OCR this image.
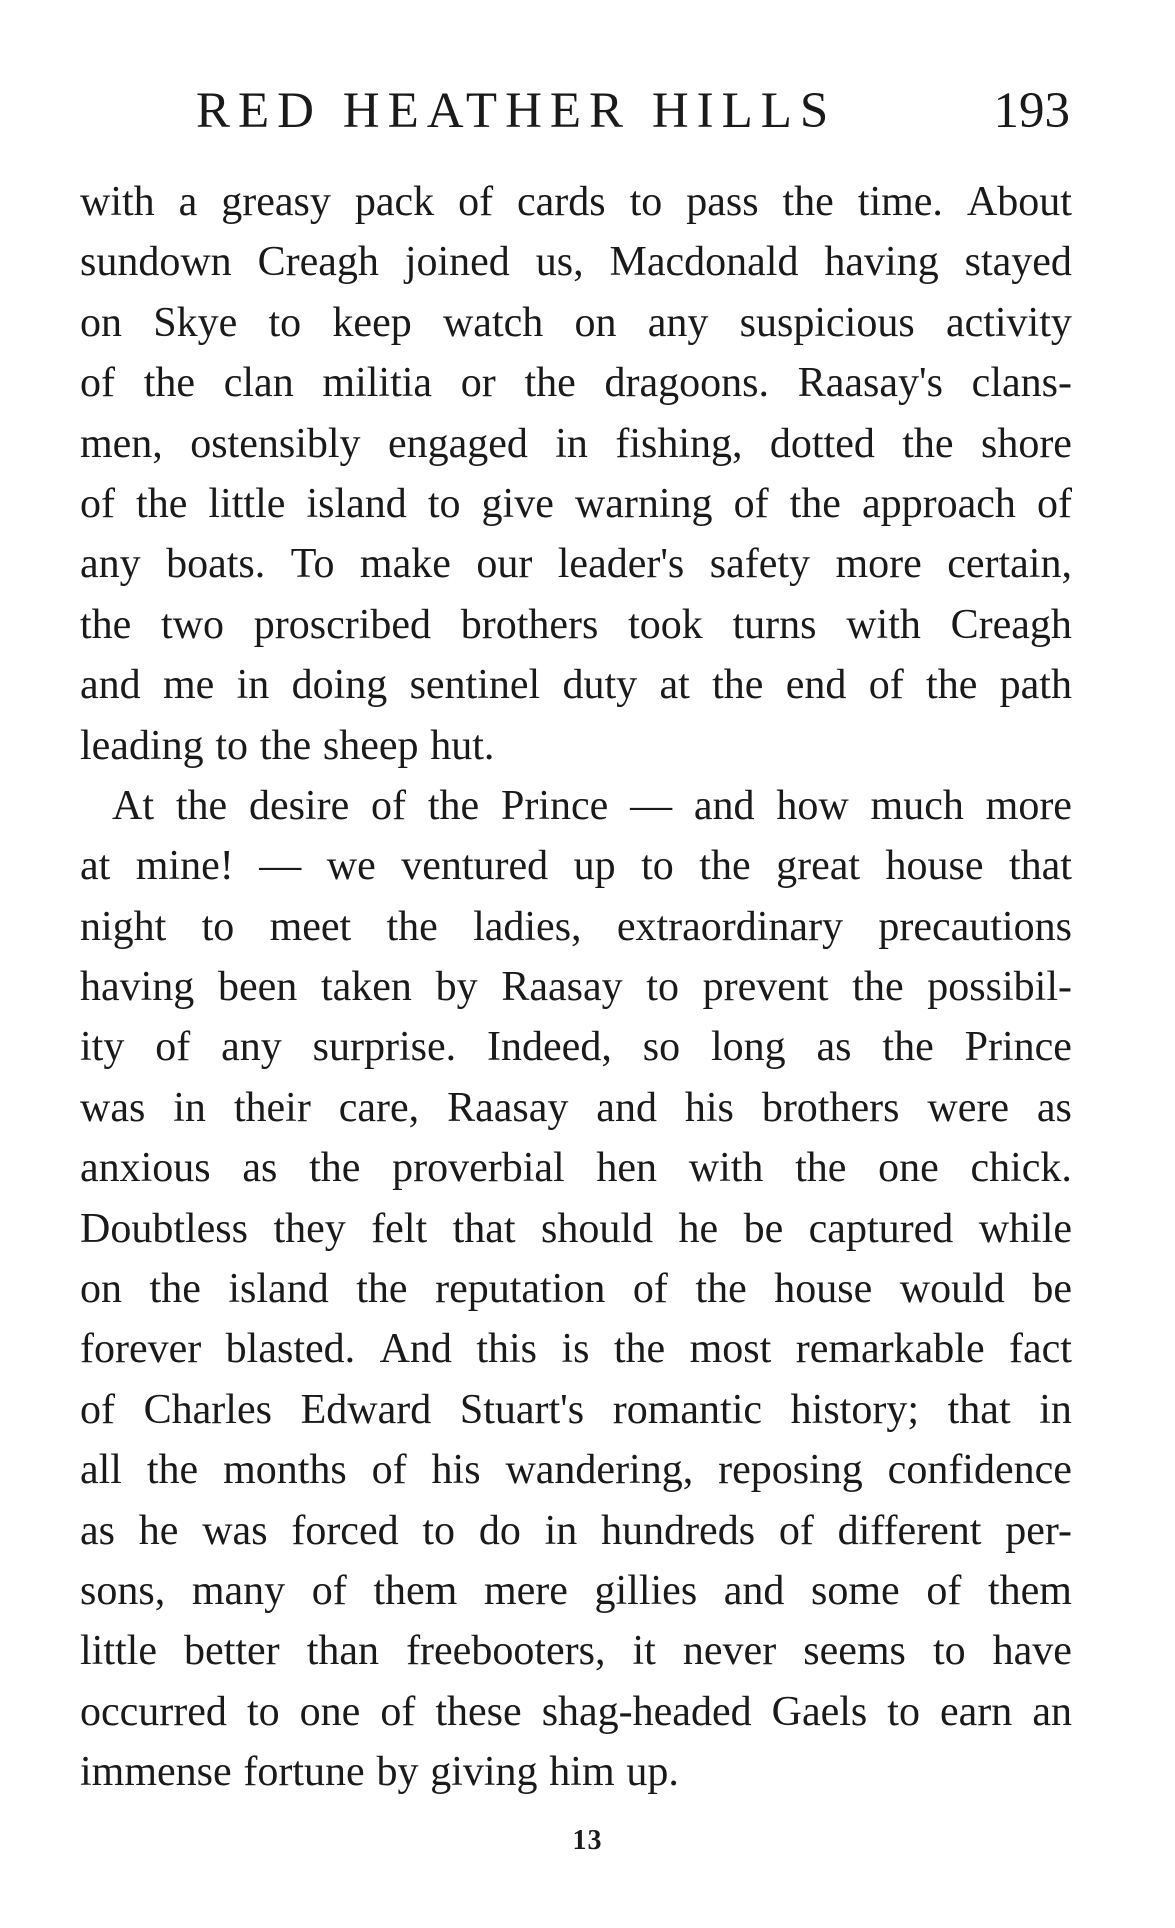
RED HEATHER HILLS	193
with a greasy pack of cards to pass the time. About
sundown Creagh joined us, Macdonald having stayed
on Skye to keep watch on any suspicious activity
of the clan militia or the dragoons. Raasay's clans-
men, ostensibly engaged in fishing, dotted the shore
of the little island to give warning of the approach of
any boats. To make our leader's safety more certain,
the two proscribed brothers took turns with Creagh
and me in doing sentinel duty at the end of the path
leading to the sheep hut.
At the desire of the Prince — and how much more
at mine! — we ventured up to the great house that
night to meet the ladies, extraordinary precautions
having been taken by Raasay to prevent the possibil-
ity of any surprise. Indeed, so long as the Prince
was in their care, Raasay and his brothers were as
anxious as the proverbial hen with the one chick.
Doubtless they felt that should he be captured while
on the island the reputation of the house would be
forever blasted. And this is the most remarkable fact
of Charles Edward Stuart's romantic history; that in
all the months of his wandering, reposing confidence
as he was forced to do in hundreds of different per-
sons, many of them mere gillies and some of them
little better than freebooters, it never seems to have
occurred to one of these shag-headed Gaels to earn an
immense fortune by giving him up.
13
